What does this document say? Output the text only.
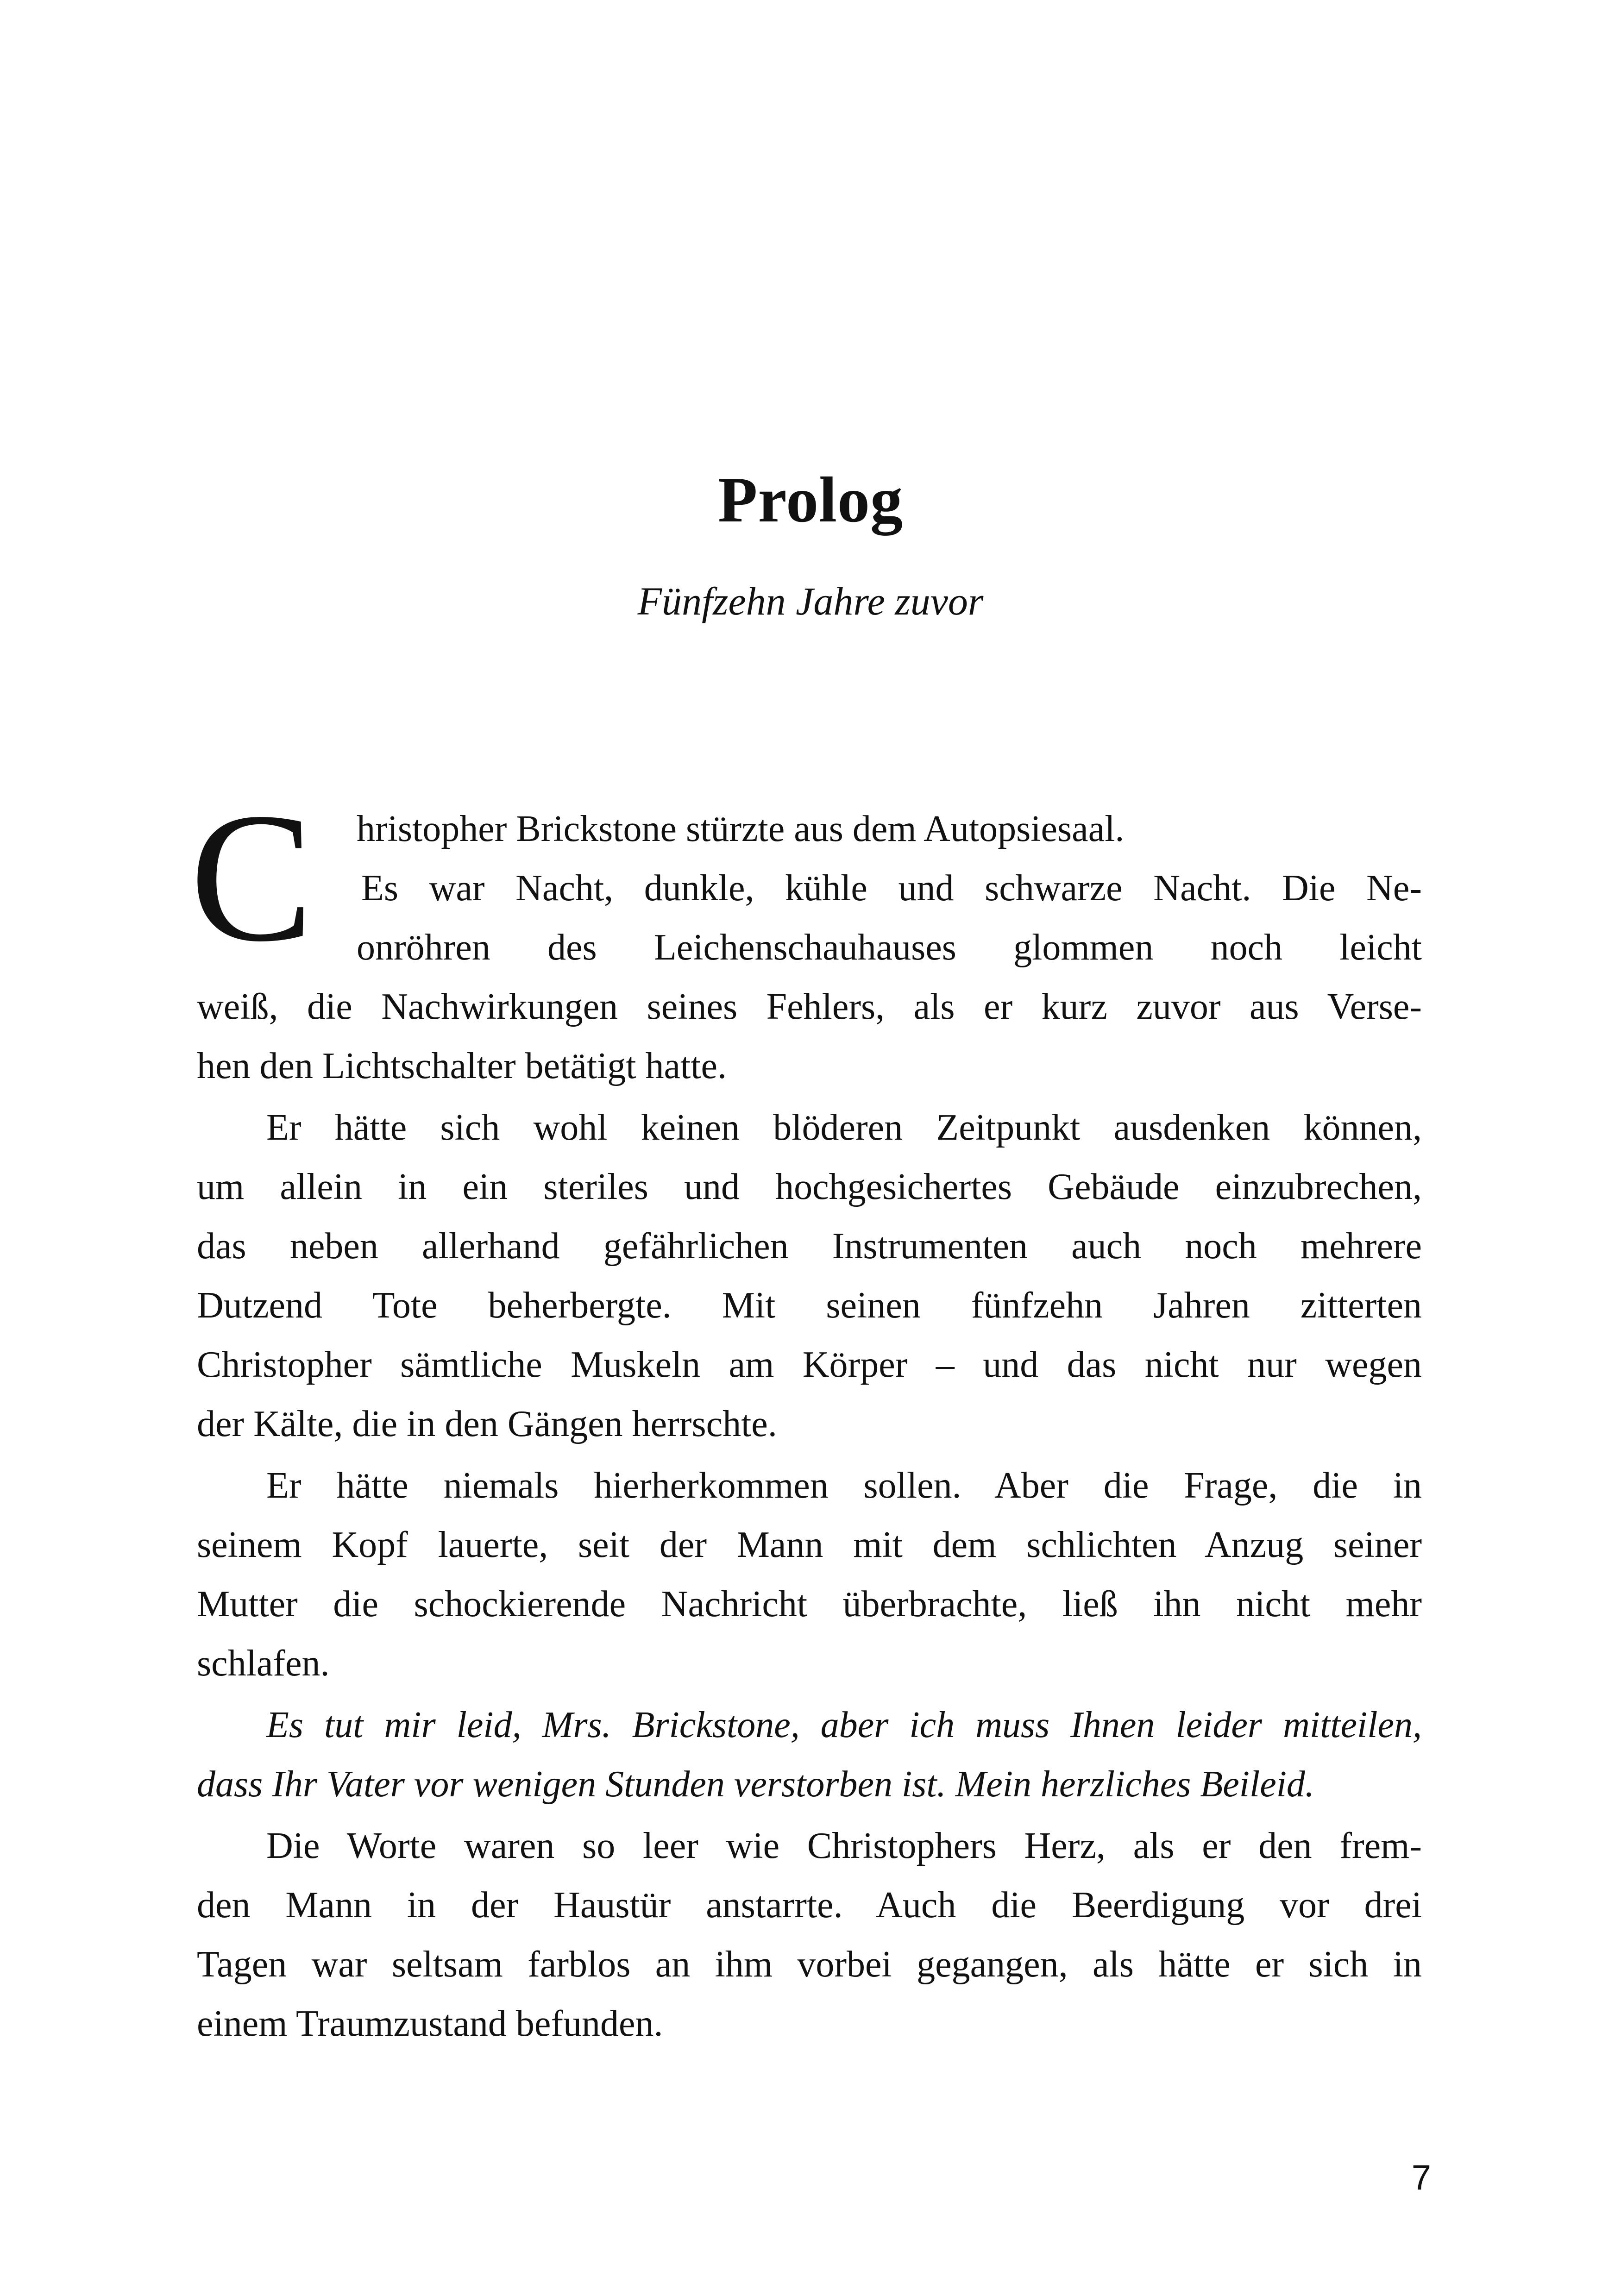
Prolog
Fünfzehn Jahre zuvor
C hristopher Brickstone stürzte aus dem Autopsiesaal.
Es war Nacht, dunkle, kühle und schwarze Nacht. Die Ne-
onröhren des Leichenschauhauses glommen noch leicht
weiß, die Nachwirkungen seines Fehlers, als er kurz zuvor aus Verse-
hen den Lichtschalter betätigt hatte.
Er hätte sich wohl keinen blöderen Zeitpunkt ausdenken können,
um allein in ein steriles und hochgesichertes Gebäude einzubrechen,
das neben allerhand gefährlichen Instrumenten auch noch mehrere
Dutzend Tote beherbergte. Mit seinen fünfzehn Jahren zitterten
Christopher sämtliche Muskeln am Körper – und das nicht nur wegen
der Kälte, die in den Gängen herrschte.
Er hätte niemals hierherkommen sollen. Aber die Frage, die in
seinem Kopf lauerte, seit der Mann mit dem schlichten Anzug seiner
Mutter die schockierende Nachricht überbrachte, ließ ihn nicht mehr
schlafen.
Es tut mir leid, Mrs. Brickstone, aber ich muss Ihnen leider mitteilen,
dass Ihr Vater vor wenigen Stunden verstorben ist. Mein herzliches Beileid.
Die Worte waren so leer wie Christophers Herz, als er den frem-
den Mann in der Haustür anstarrte. Auch die Beerdigung vor drei
Tagen war seltsam farblos an ihm vorbei gegangen, als hätte er sich in
einem Traumzustand befunden.
7
